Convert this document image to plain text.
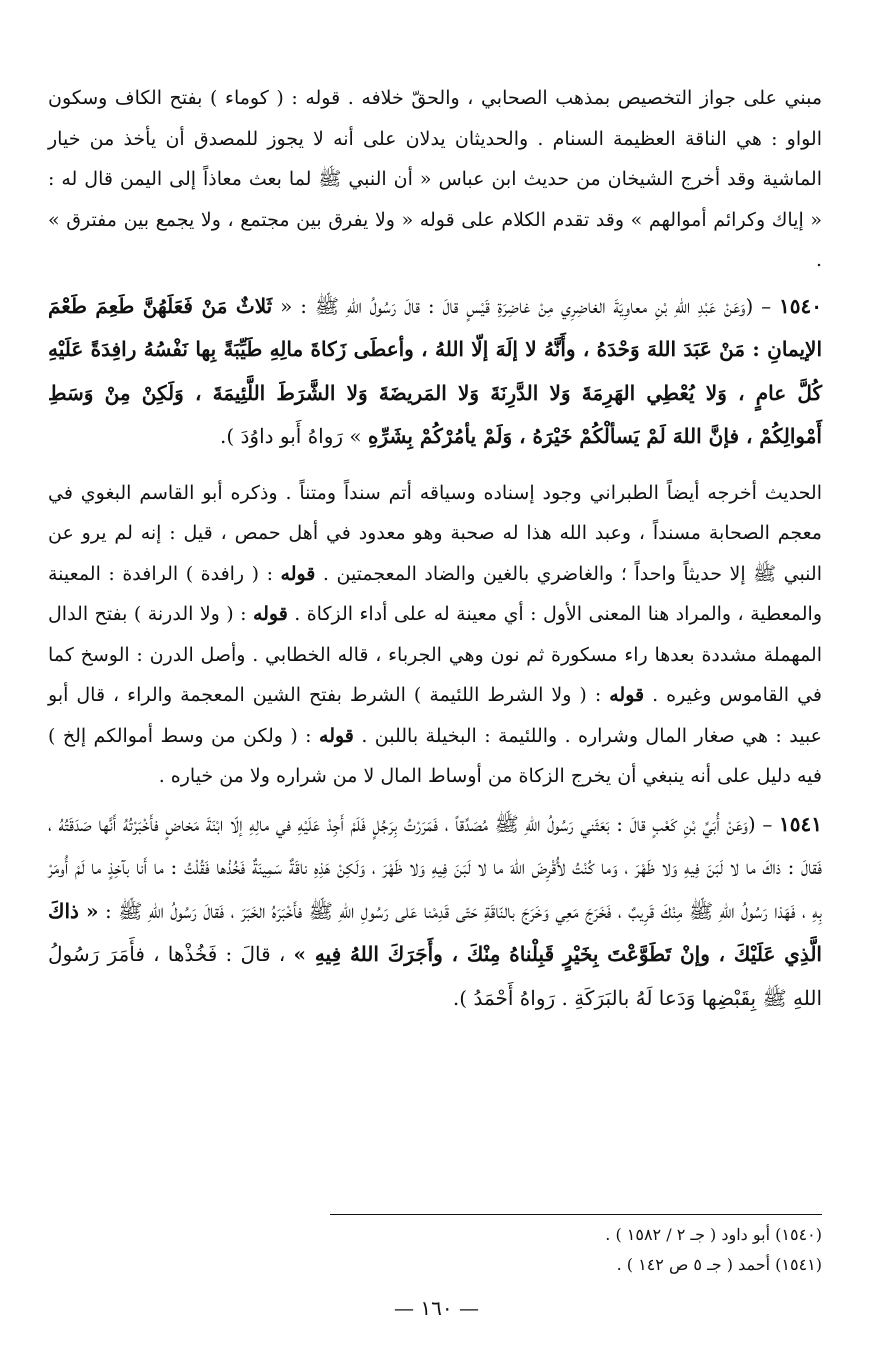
مبني على جواز التخصيص بمذهب الصحابي ، والحقّ خلافه . قوله : ( كوماء ) بفتح الكاف وسكون الواو : هي الناقة العظيمة السنام . والحديثان يدلان على أنه لا يجوز للمصدق أن يأخذ من خيار الماشية وقد أخرج الشيخان من حديث ابن عباس « أن النبي ﷺ لما بعث معاذاً إلى اليمن قال له : « إياك وكرائم أموالهم » وقد تقدم الكلام على قوله « ولا يفرق بين مجتمع ، ولا يجمع بين مفترق » .

١٥٤٠ – (وَعَنْ عَبْدِ اللهِ بْنِ معاوِيَةَ الغاضِرِي مِنْ غاضِرَةِ قَيْسٍ قالَ : قالَ رَسُولُ اللهِ ﷺ : « ثَلاثٌ مَنْ فَعَلَهُنَّ طَعِمَ طَعْمَ الإيمانِ : مَنْ عَبَدَ اللهَ وَحْدَهُ ، وأَنَّهُ لا إلَهَ إلّا اللهُ ، وأعطَى زَكاةَ مالِهِ طَيِّبَةً بِها نَفْسُهُ رافِدَةً عَلَيْهِ كُلَّ عامٍ ، وَلا يُعْطِي الهَرِمَةَ وَلا الدَّرِنَةَ وَلا المَريضَةَ وَلا الشَّرَطَ اللَّئِيمَةَ ، وَلَكِنْ مِنْ وَسَطِ أَمْوالِكُمْ ، فإنَّ اللهَ لَمْ يَسألْكُمْ خَيْرَهُ ، وَلَمْ يأمُرْكُمْ بِشَرِّهِ » رَواهُ أَبو داوُدَ ).

الحديث أخرجه أيضاً الطبراني وجود إسناده وسياقه أتم سنداً ومتناً . وذكره أبو القاسم البغوي في معجم الصحابة مسنداً ، وعبد الله هذا له صحبة وهو معدود في أهل حمص ، قيل : إنه لم يرو عن النبي ﷺ إلا حديثاً واحداً ؛ والغاضري بالغين والضاد المعجمتين . قوله : ( رافدة ) الرافدة : المعينة والمعطية ، والمراد هنا المعنى الأول : أي معينة له على أداء الزكاة . قوله : ( ولا الدرنة ) بفتح الدال المهملة مشددة بعدها راء مسكورة ثم نون وهي الجرباء ، قاله الخطابي . وأصل الدرن : الوسخ كما في القاموس وغيره . قوله : ( ولا الشرط اللئيمة ) الشرط بفتح الشين المعجمة والراء ، قال أبو عبيد : هي صغار المال وشراره . واللئيمة : البخيلة باللبن . قوله : ( ولكن من وسط أموالكم إلخ ) فيه دليل على أنه ينبغي أن يخرج الزكاة من أوساط المال لا من شراره ولا من خياره .

١٥٤١ – (وَعَنْ أُبَيِّ بْنِ كَعْبٍ قالَ : بَعَثَني رَسُولُ اللهِ ﷺ مُصَدِّقاً ، فَمَرَرْتُ بِرَجُلٍ فَلَمْ أَجِدْ عَلَيْهِ في مالِهِ إلّا ابْنَةَ مَخاضٍ فأَخْبَرْتُهُ أَنَّها صَدَقَتُهُ ، فَقالَ : ذاكَ ما لا لَبَنَ فِيهِ وَلا ظَهْرَ ، وَما كُنْتُ لأُقْرِضَ اللهَ ما لا لَبَنَ فِيهِ وَلا ظَهْرَ ، وَلَكِنْ هَذِهِ ناقَةٌ سَمِينَةٌ فَخُذْها فَقُلْتُ : ما أَنا بآخِذٍ ما لَمْ أُومَرْ بِهِ ، فَهَذا رَسُولُ اللهِ ﷺ مِنْكَ قَرِيبٌ ، فَخَرَجَ مَعِي وَخَرَجَ بالنّاقَةِ حَتّى قَدِمْنا عَلى رَسُولِ اللهِ ﷺ فأَخْبَرَهُ الخَبَرَ ، فَقالَ رَسُولُ اللهِ ﷺ : « ذاكَ الَّذِي عَلَيْكَ ، وإنْ تَطَوَّعْتَ بِخَيْرٍ قَبِلْناهُ مِنْكَ ، وأَجَرَكَ اللهُ فِيهِ » ، قالَ : فَخُذْها ، فأَمَرَ رَسُولُ اللهِ ﷺ بِقَبْضِها وَدَعا لَهُ بالبَرَكَةِ . رَواهُ أَحْمَدُ ).

(١٥٤٠) أبو داود ( جـ ٢ / ١٥٨٢ ) .
(١٥٤١) أحمد ( جـ ٥ ص ١٤٢ ) .
— ١٦٠ —
